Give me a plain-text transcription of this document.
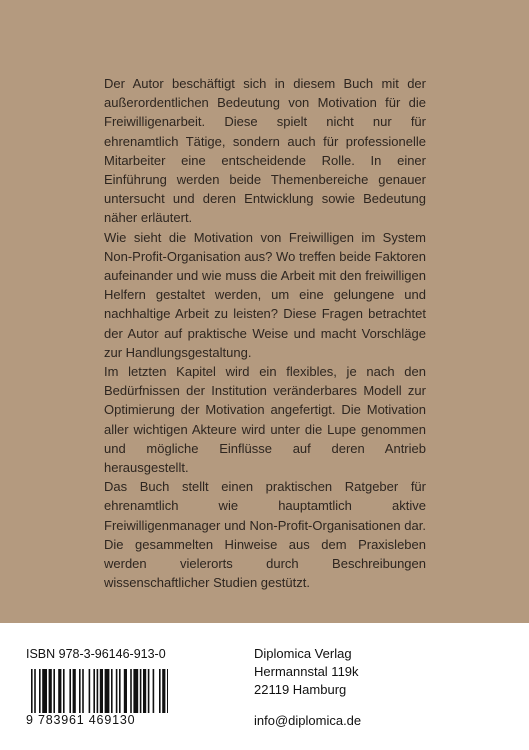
Der Autor beschäftigt sich in diesem Buch mit der außerordentlichen Bedeutung von Motivation für die Freiwilligenarbeit. Diese spielt nicht nur für ehrenamtlich Tätige, sondern auch für professionelle Mitarbeiter eine entscheidende Rolle. In einer Einführung werden beide Themenbereiche genauer untersucht und deren Entwicklung sowie Bedeutung näher erläutert.

Wie sieht die Motivation von Freiwilligen im System Non-Profit-Organisation aus? Wo treffen beide Faktoren aufeinander und wie muss die Arbeit mit den freiwilligen Helfern gestaltet werden, um eine gelungene und nachhaltige Arbeit zu leisten? Diese Fragen betrachtet der Autor auf praktische Weise und macht Vorschläge zur Handlungsgestaltung.

Im letzten Kapitel wird ein flexibles, je nach den Bedürfnissen der Institution veränderbares Modell zur Optimierung der Motivation angefertigt. Die Motivation aller wichtigen Akteure wird unter die Lupe genommen und mögliche Einflüsse auf deren Antrieb herausgestellt.

Das Buch stellt einen praktischen Ratgeber für ehrenamtlich wie hauptamtlich aktive Freiwilligenmanager und Non-Profit-Organisationen dar. Die gesammelten Hinweise aus dem Praxisleben werden vielerorts durch Beschreibungen wissenschaftlicher Studien gestützt.

ISBN 978-3-96146-913-0
9 783961 469130
Diplomica Verlag
Hermannstal 119k
22119 Hamburg
info@diplomica.de
